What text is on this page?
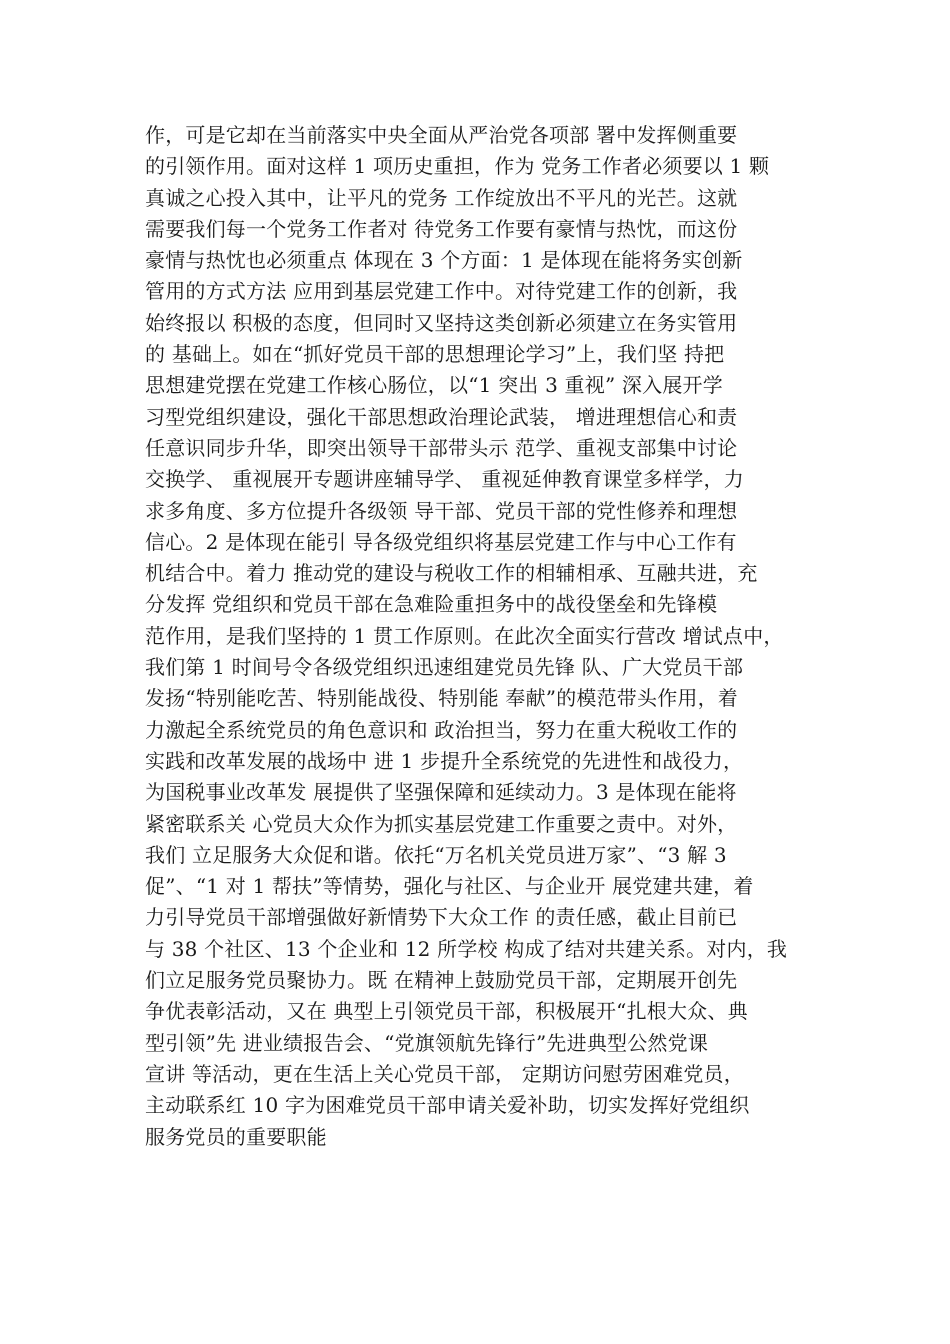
作，可是它却在当前落实中央全面从严治党各项部 署中发挥侧重要
的引领作用。面对这样 1 项历史重担，作为 党务工作者必须要以 1 颗
真诚之心投入其中，让平凡的党务 工作绽放出不平凡的光芒。这就
需要我们每一个党务工作者对 待党务工作要有豪情与热忱，而这份
豪情与热忱也必须重点 体现在 3 个方面：1 是体现在能将务实创新
管用的方式方法 应用到基层党建工作中。对待党建工作的创新，我
始终报以 积极的态度，但同时又坚持这类创新必须建立在务实管用
的 基础上。如在“抓好党员干部的思想理论学习”上，我们坚 持把
思想建党摆在党建工作核心肠位，以“1 突出 3 重视” 深入展开学
习型党组织建设，强化干部思想政治理论武装， 增进理想信心和责
任意识同步升华，即突出领导干部带头示 范学、重视支部集中讨论
交换学、 重视展开专题讲座辅导学、 重视延伸教育课堂多样学，力
求多角度、多方位提升各级领 导干部、党员干部的党性修养和理想
信心。2 是体现在能引 导各级党组织将基层党建工作与中心工作有
机结合中。着力 推动党的建设与税收工作的相辅相承、互融共进，充
分发挥 党组织和党员干部在急难险重担务中的战役堡垒和先锋模
范作用，是我们坚持的 1 贯工作原则。在此次全面实行营改 增试点中，
我们第 1 时间号令各级党组织迅速组建党员先锋 队、广大党员干部
发扬“特别能吃苦、特别能战役、特别能 奉献”的模范带头作用，着
力激起全系统党员的角色意识和 政治担当，努力在重大税收工作的
实践和改革发展的战场中 进 1 步提升全系统党的先进性和战役力，
为国税事业改革发 展提供了坚强保障和延续动力。3 是体现在能将
紧密联系关 心党员大众作为抓实基层党建工作重要之责中。对外，
我们 立足服务大众促和谐。依托“万名机关党员进万家”、“3 解 3
促”、“1 对 1 帮扶”等情势，强化与社区、与企业开 展党建共建，着
力引导党员干部增强做好新情势下大众工作 的责任感，截止目前已
与 38 个社区、13 个企业和 12 所学校 构成了结对共建关系。对内，我
们立足服务党员聚协力。既 在精神上鼓励党员干部，定期展开创先
争优表彰活动，又在 典型上引领党员干部，积极展开“扎根大众、典
型引领”先 进业绩报告会、“党旗领航先锋行”先进典型公然党课
宣讲 等活动，更在生活上关心党员干部， 定期访问慰劳困难党员，
主动联系红 10 字为困难党员干部申请关爱补助，切实发挥好党组织
服务党员的重要职能
